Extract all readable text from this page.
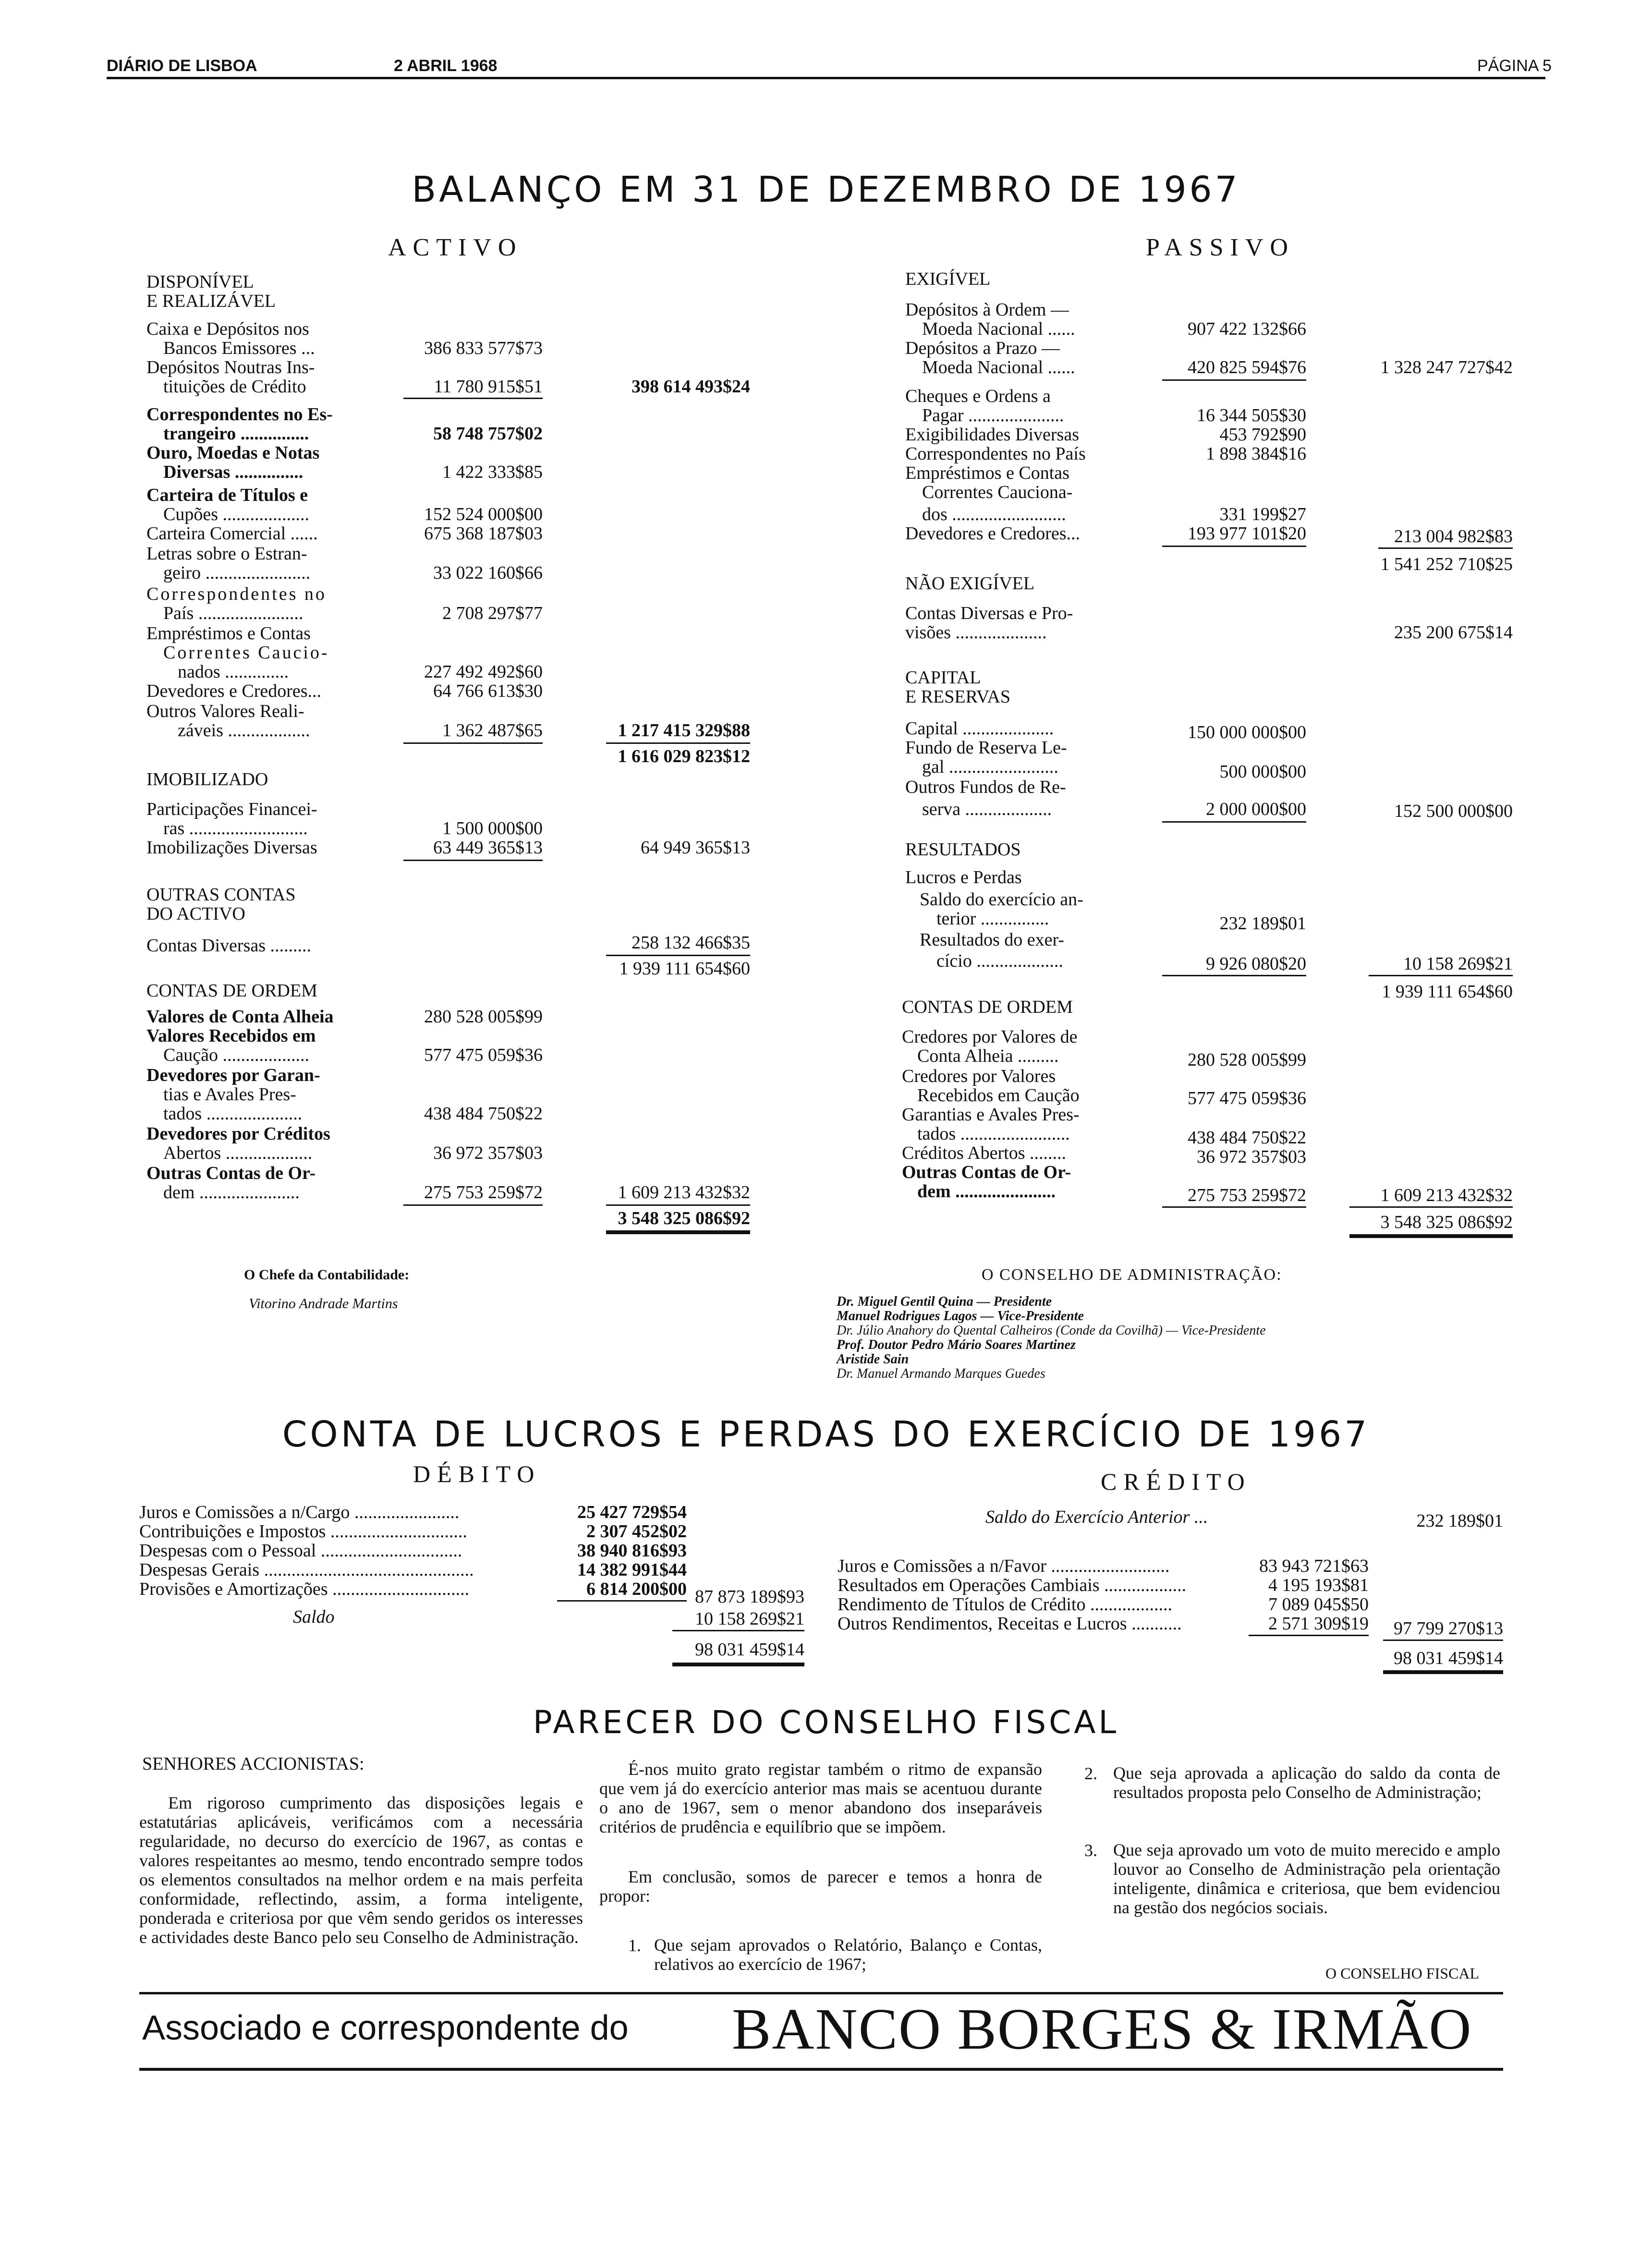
DIÁRIO DE LISBOA	2 ABRIL 1968	PÁGINA 5
BALANÇO EM 31 DE DEZEMBRO DE 1967
ACTIVO	PASSIVO
DISPONÍVEL
E REALIZÁVEL
Caixa e Depósitos nos
Bancos Emissores ...	386 833 577$73
Depósitos Noutras Ins-
tituições de Crédito	11 780 915$51	398 614 493$24
Correspondentes no Es-
trangeiro ...............	58 748 757$02
Ouro, Moedas e Notas
Diversas ...............	1 422 333$85
Carteira de Títulos e
Cupões ...................	152 524 000$00
Carteira Comercial ......	675 368 187$03
Letras sobre o Estran-
geiro .......................	33 022 160$66
Correspondentes no
País .......................	2 708 297$77
Empréstimos e Contas
Correntes Caucio-
nados ..............	227 492 492$60
Devedores e Credores...	64 766 613$30
Outros Valores Reali-
záveis ..................	1 362 487$65	1 217 415 329$88
1 616 029 823$12
IMOBILIZADO
Participações Financei-
ras ..........................	1 500 000$00
Imobilizações Diversas	63 449 365$13	64 949 365$13
OUTRAS CONTAS
DO ACTIVO
Contas Diversas .........	258 132 466$35
1 939 111 654$60
CONTAS DE ORDEM
Valores de Conta Alheia	280 528 005$99
Valores Recebidos em
Caução ...................	577 475 059$36
Devedores por Garan-
tias e Avales Pres-
tados .....................	438 484 750$22
Devedores por Créditos
Abertos ...................	36 972 357$03
Outras Contas de Or-
dem ......................	275 753 259$72	1 609 213 432$32
3 548 325 086$92
EXIGÍVEL
Depósitos à Ordem —
Moeda Nacional ......	907 422 132$66
Depósitos a Prazo —
Moeda Nacional ......	420 825 594$76	1 328 247 727$42
Cheques e Ordens a
Pagar .....................	16 344 505$30
Exigibilidades Diversas	453 792$90
Correspondentes no País	1 898 384$16
Empréstimos e Contas
Correntes Cauciona-
dos .........................	331 199$27
Devedores e Credores...	193 977 101$20	213 004 982$83
1 541 252 710$25
NÃO EXIGÍVEL
Contas Diversas e Pro-
visões ....................	235 200 675$14
CAPITAL
E RESERVAS
Capital ....................	150 000 000$00
Fundo de Reserva Le-
gal ........................	500 000$00
Outros Fundos de Re-
serva ...................	2 000 000$00	152 500 000$00
RESULTADOS
Lucros e Perdas
Saldo do exercício an-
terior ...............	232 189$01
Resultados do exer-
cício ...................	9 926 080$20	10 158 269$21
1 939 111 654$60
CONTAS DE ORDEM
Credores por Valores de
Conta Alheia .........	280 528 005$99
Credores por Valores
Recebidos em Caução	577 475 059$36
Garantias e Avales Pres-
tados ........................	438 484 750$22
Créditos Abertos ........	36 972 357$03
Outras Contas de Or-
dem ......................	275 753 259$72	1 609 213 432$32
3 548 325 086$92
O Chefe da Contabilidade:
Vitorino Andrade Martins
O CONSELHO DE ADMINISTRAÇÃO:
Dr. Miguel Gentil Quina — Presidente
Manuel Rodrigues Lagos — Vice-Presidente
Dr. Júlio Anahory do Quental Calheiros (Conde da Covilhã) — Vice-Presidente
Prof. Doutor Pedro Mário Soares Martinez
Aristide Sain
Dr. Manuel Armando Marques Guedes
CONTA DE LUCROS E PERDAS DO EXERCÍCIO DE 1967
DÉBITO	CRÉDITO
Juros e Comissões a n/Cargo .......................	25 427 729$54
Contribuições e Impostos ..............................	2 307 452$02
Despesas com o Pessoal ...............................	38 940 816$93
Despesas Gerais ..............................................	14 382 991$44
Provisões e Amortizações ..............................	6 814 200$00 87 873 189$93
Saldo	10 158 269$21
98 031 459$14
Saldo do Exercício Anterior ...	232 189$01
Juros e Comissões a n/Favor ..........................	83 943 721$63
Resultados em Operações Cambiais ..................	4 195 193$81
Rendimento de Títulos de Crédito ..................	7 089 045$50
Outros Rendimentos, Receitas e Lucros ...........	2 571 309$19	97 799 270$13
98 031 459$14
PARECER DO CONSELHO FISCAL
SENHORES ACCIONISTAS:

Em rigoroso cumprimento das disposições legais e estatutárias aplicáveis, verificámos com a necessária regularidade, no decurso do exercício de 1967, as contas e valores respeitantes ao mesmo, tendo encontrado sempre todos os elementos consultados na melhor ordem e na mais perfeita conformidade, reflectindo, assim, a forma inteligente, ponderada e criteriosa por que vêm sendo geridos os interesses e actividades deste Banco pelo seu Conselho de Administração.

É-nos muito grato registar também o ritmo de expansão que vem já do exercício anterior mas mais se acentuou durante o ano de 1967, sem o menor abandono dos inseparáveis critérios de prudência e equilíbrio que se impõem.

Em conclusão, somos de parecer e temos a honra de propor:

1. Que sejam aprovados o Relatório, Balanço e Contas, relativos ao exercício de 1967;

2. Que seja aprovada a aplicação do saldo da conta de resultados proposta pelo Conselho de Administração;

3. Que seja aprovado um voto de muito merecido e amplo louvor ao Conselho de Administração pela orientação inteligente, dinâmica e criteriosa, que bem evidenciou na gestão dos negócios sociais.

O CONSELHO FISCAL
Associado e correspondente do BANCO BORGES & IRMÃO
